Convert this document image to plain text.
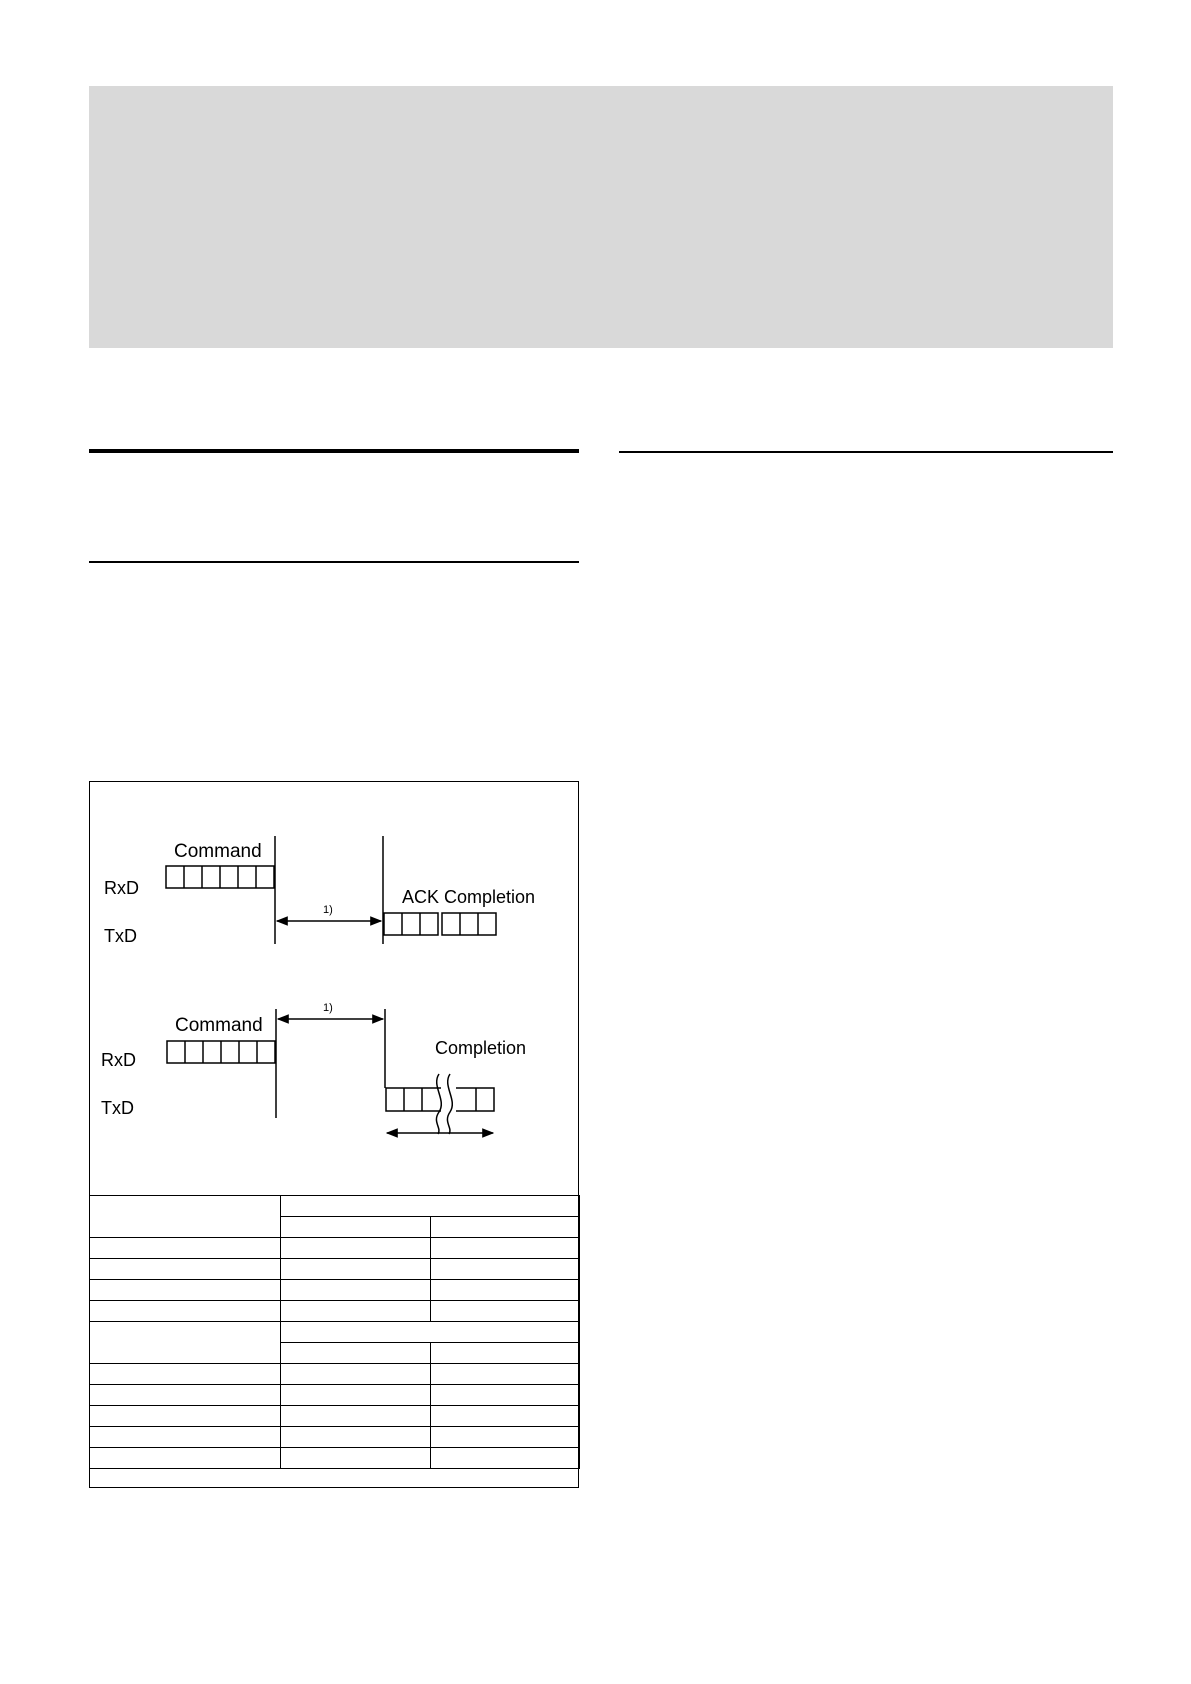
Command
RxD
TxD
1)
ACK Completion
Command
RxD
TxD
1)
Completion
